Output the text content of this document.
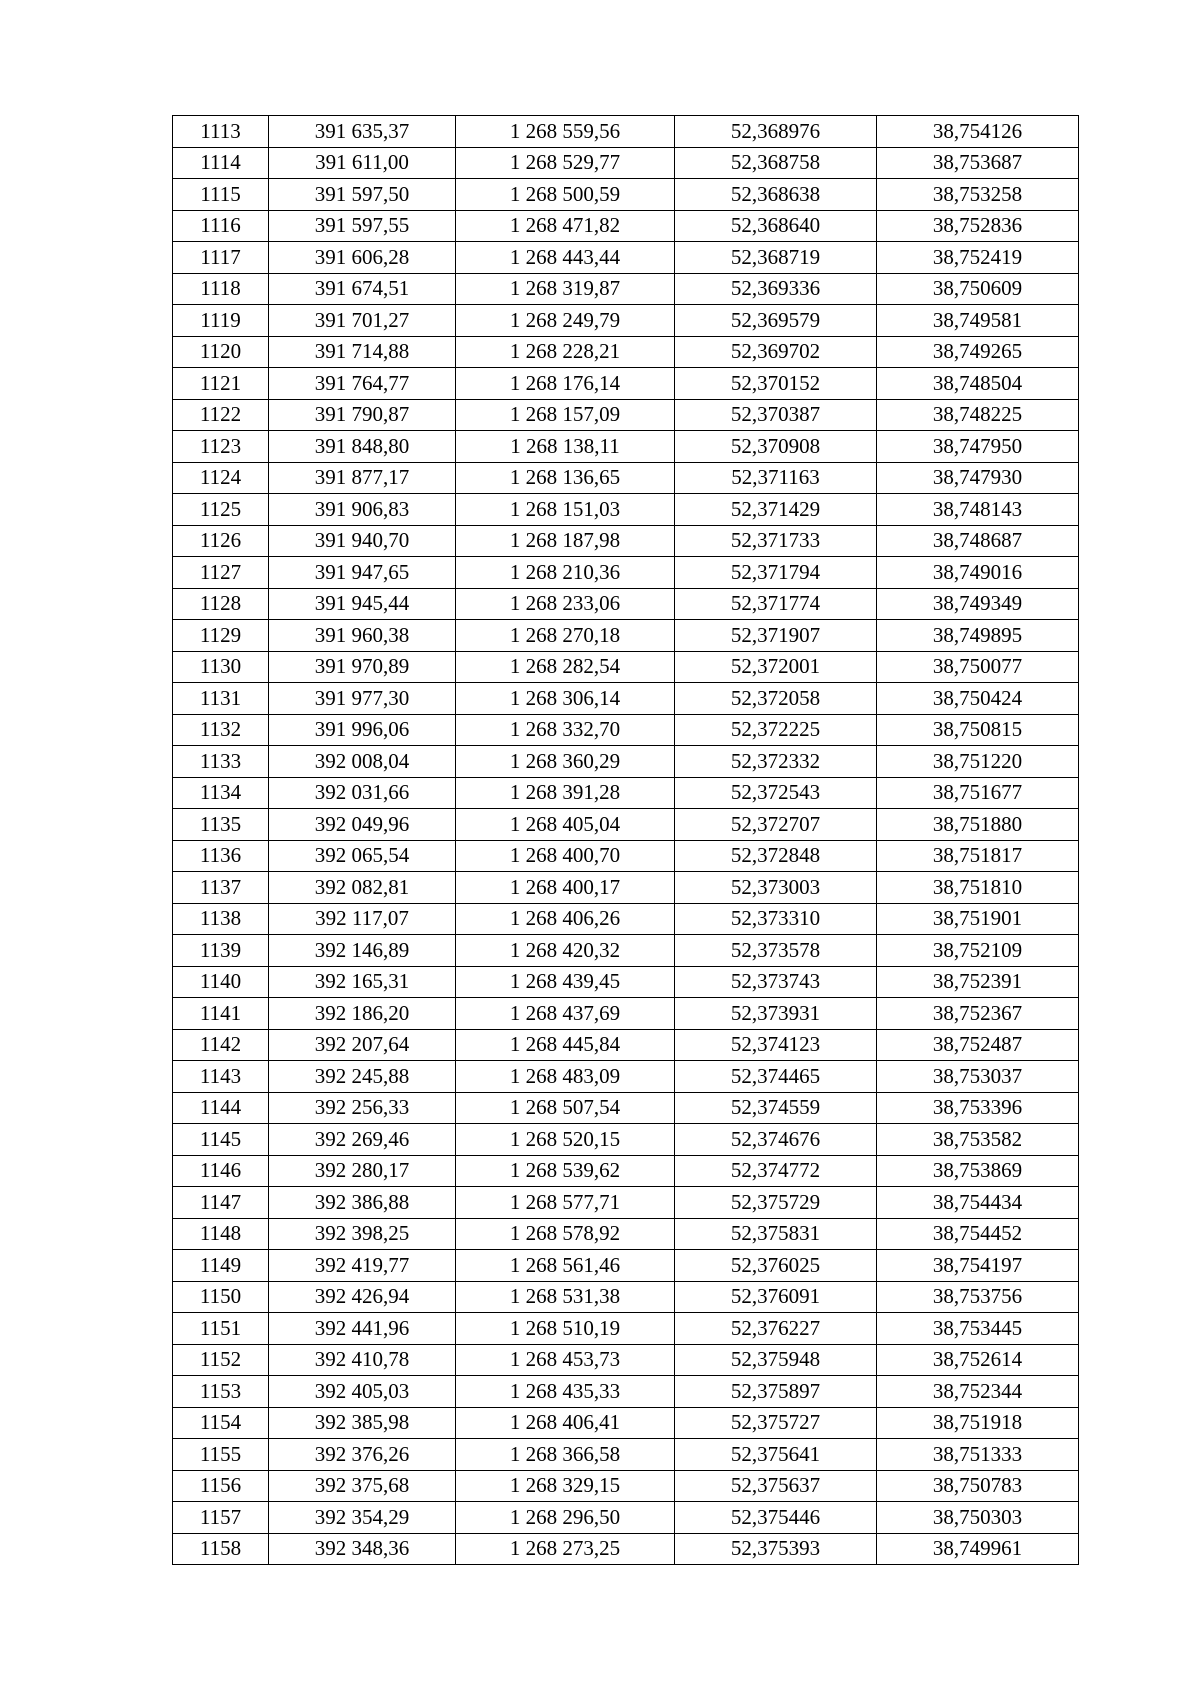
1113	391 635,37	1 268 559,56	52,368976	38,754126
1114	391 611,00	1 268 529,77	52,368758	38,753687
1115	391 597,50	1 268 500,59	52,368638	38,753258
1116	391 597,55	1 268 471,82	52,368640	38,752836
1117	391 606,28	1 268 443,44	52,368719	38,752419
1118	391 674,51	1 268 319,87	52,369336	38,750609
1119	391 701,27	1 268 249,79	52,369579	38,749581
1120	391 714,88	1 268 228,21	52,369702	38,749265
1121	391 764,77	1 268 176,14	52,370152	38,748504
1122	391 790,87	1 268 157,09	52,370387	38,748225
1123	391 848,80	1 268 138,11	52,370908	38,747950
1124	391 877,17	1 268 136,65	52,371163	38,747930
1125	391 906,83	1 268 151,03	52,371429	38,748143
1126	391 940,70	1 268 187,98	52,371733	38,748687
1127	391 947,65	1 268 210,36	52,371794	38,749016
1128	391 945,44	1 268 233,06	52,371774	38,749349
1129	391 960,38	1 268 270,18	52,371907	38,749895
1130	391 970,89	1 268 282,54	52,372001	38,750077
1131	391 977,30	1 268 306,14	52,372058	38,750424
1132	391 996,06	1 268 332,70	52,372225	38,750815
1133	392 008,04	1 268 360,29	52,372332	38,751220
1134	392 031,66	1 268 391,28	52,372543	38,751677
1135	392 049,96	1 268 405,04	52,372707	38,751880
1136	392 065,54	1 268 400,70	52,372848	38,751817
1137	392 082,81	1 268 400,17	52,373003	38,751810
1138	392 117,07	1 268 406,26	52,373310	38,751901
1139	392 146,89	1 268 420,32	52,373578	38,752109
1140	392 165,31	1 268 439,45	52,373743	38,752391
1141	392 186,20	1 268 437,69	52,373931	38,752367
1142	392 207,64	1 268 445,84	52,374123	38,752487
1143	392 245,88	1 268 483,09	52,374465	38,753037
1144	392 256,33	1 268 507,54	52,374559	38,753396
1145	392 269,46	1 268 520,15	52,374676	38,753582
1146	392 280,17	1 268 539,62	52,374772	38,753869
1147	392 386,88	1 268 577,71	52,375729	38,754434
1148	392 398,25	1 268 578,92	52,375831	38,754452
1149	392 419,77	1 268 561,46	52,376025	38,754197
1150	392 426,94	1 268 531,38	52,376091	38,753756
1151	392 441,96	1 268 510,19	52,376227	38,753445
1152	392 410,78	1 268 453,73	52,375948	38,752614
1153	392 405,03	1 268 435,33	52,375897	38,752344
1154	392 385,98	1 268 406,41	52,375727	38,751918
1155	392 376,26	1 268 366,58	52,375641	38,751333
1156	392 375,68	1 268 329,15	52,375637	38,750783
1157	392 354,29	1 268 296,50	52,375446	38,750303
1158	392 348,36	1 268 273,25	52,375393	38,749961
